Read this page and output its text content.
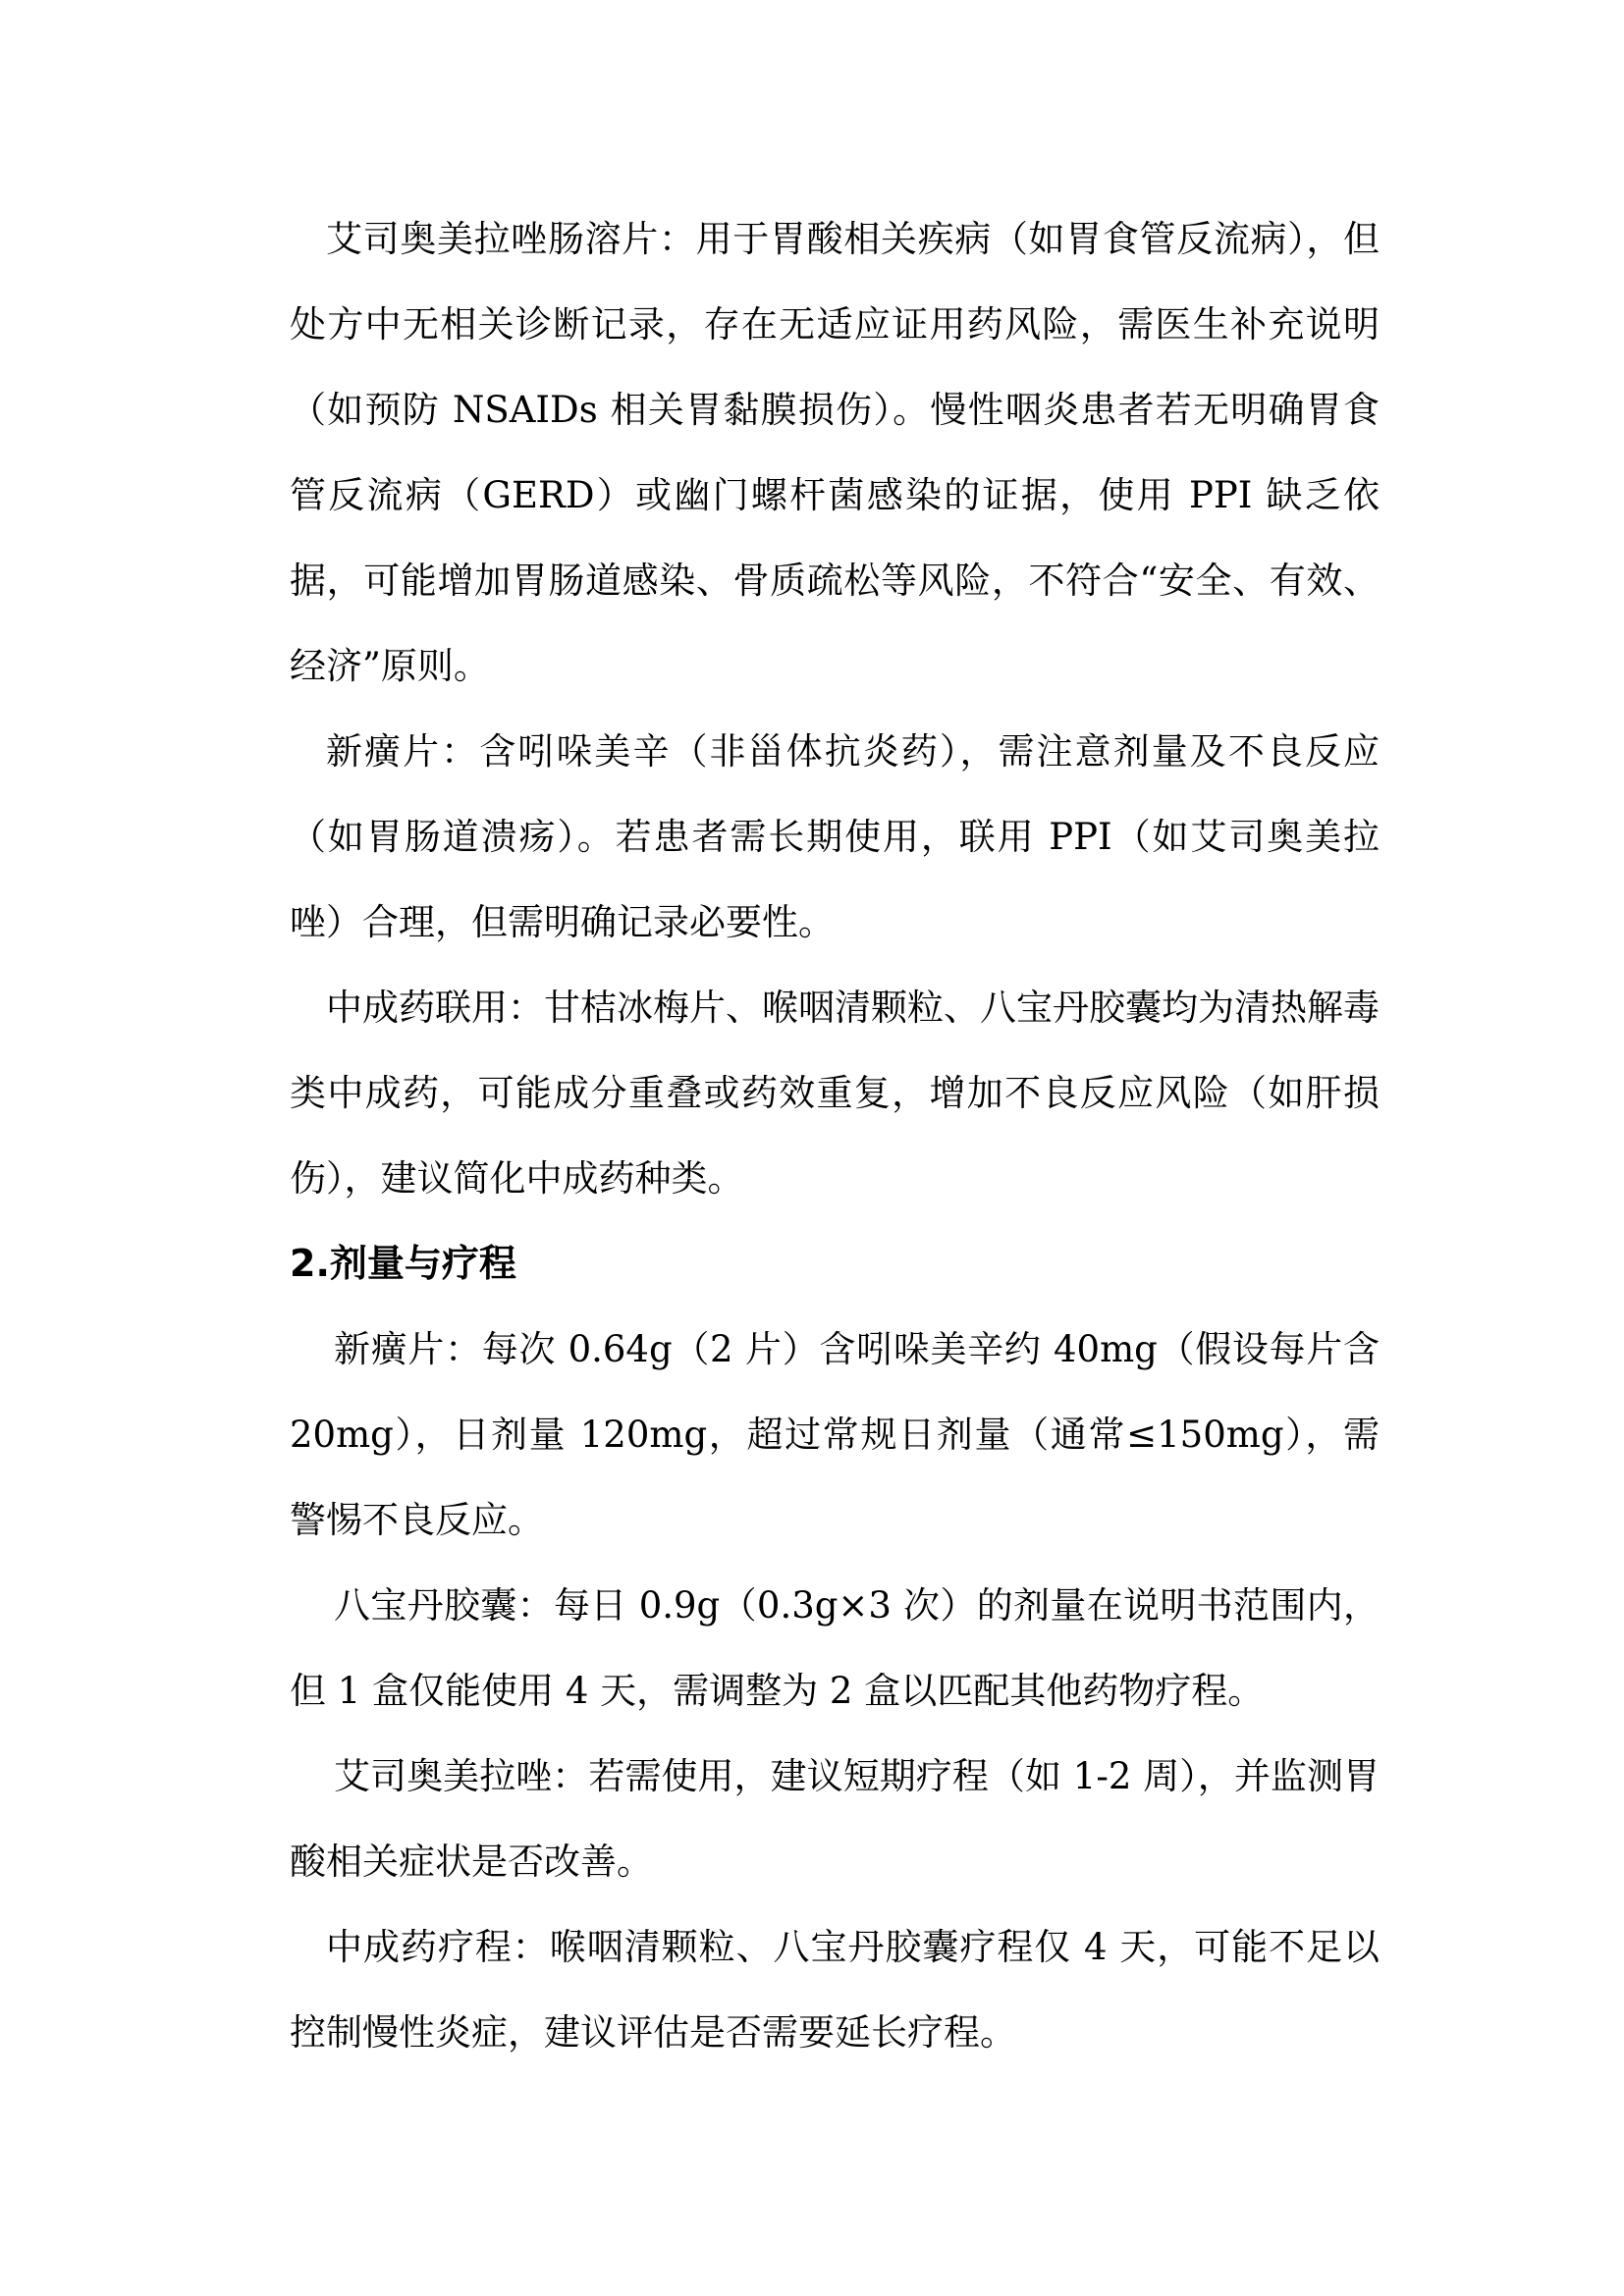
艾司奥美拉唑肠溶片：用于胃酸相关疾病（如胃食管反流病），但处方中无相关诊断记录，存在无适应证用药风险，需医生补充说明（如预防 NSAIDs 相关胃黏膜损伤）。慢性咽炎患者若无明确胃食管反流病（GERD）或幽门螺杆菌感染的证据，使用 PPI 缺乏依据，可能增加胃肠道感染、骨质疏松等风险，不符合“安全、有效、经济”原则。

新癀片：含吲哚美辛（非甾体抗炎药），需注意剂量及不良反应（如胃肠道溃疡）。若患者需长期使用，联用 PPI（如艾司奥美拉唑）合理，但需明确记录必要性。

中成药联用：甘桔冰梅片、喉咽清颗粒、八宝丹胶囊均为清热解毒类中成药，可能成分重叠或药效重复，增加不良反应风险（如肝损伤），建议简化中成药种类。

2.剂量与疗程

新癀片：每次 0.64g（2 片）含吲哚美辛约 40mg（假设每片含 20mg），日剂量 120mg，超过常规日剂量（通常≤150mg），需警惕不良反应。

八宝丹胶囊：每日 0.9g（0.3g×3 次）的剂量在说明书范围内，但 1 盒仅能使用 4 天，需调整为 2 盒以匹配其他药物疗程。

艾司奥美拉唑：若需使用，建议短期疗程（如 1-2 周），并监测胃酸相关症状是否改善。

中成药疗程：喉咽清颗粒、八宝丹胶囊疗程仅 4 天，可能不足以控制慢性炎症，建议评估是否需要延长疗程。
